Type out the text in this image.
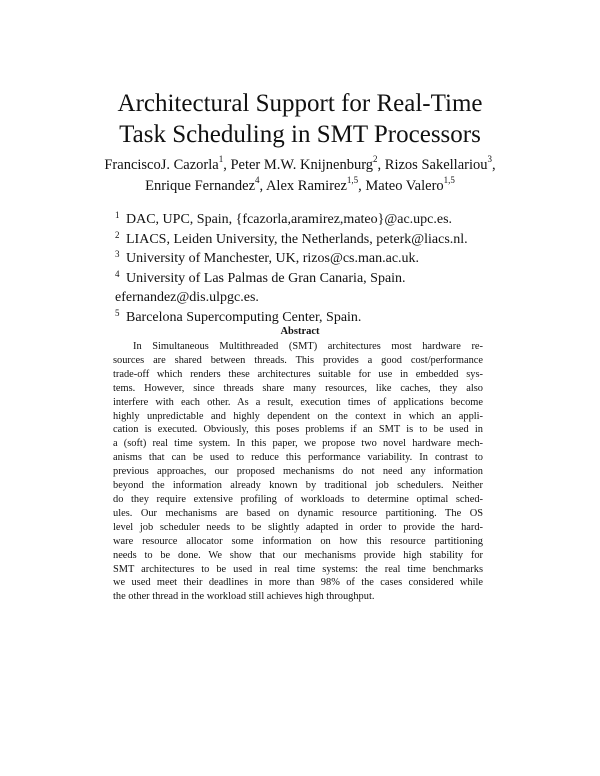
Architectural Support for Real-Time
Task Scheduling in SMT Processors
FranciscoJ. Cazorla$^1$, Peter M.W. Knijnenburg$^2$, Rizos Sakellariou$^3$,
Enrique Fernandez$^4$, Alex Ramirez$^{1,5}$, Mateo Valero$^{1,5}$
1 DAC, UPC, Spain, {fcazorla,aramirez,mateo}@ac.upc.es.
2 LIACS, Leiden University, the Netherlands, peterk@liacs.nl.
3 University of Manchester, UK, rizos@cs.man.ac.uk.
4 University of Las Palmas de Gran Canaria, Spain.
efernandez@dis.ulpgc.es.
5 Barcelona Supercomputing Center, Spain.
Abstract
In Simultaneous Multithreaded (SMT) architectures most hardware re-
sources are shared between threads. This provides a good cost/performance
trade-off which renders these architectures suitable for use in embedded sys-
tems. However, since threads share many resources, like caches, they also
interfere with each other. As a result, execution times of applications become
highly unpredictable and highly dependent on the context in which an appli-
cation is executed. Obviously, this poses problems if an SMT is to be used in
a (soft) real time system. In this paper, we propose two novel hardware mech-
anisms that can be used to reduce this performance variability. In contrast to
previous approaches, our proposed mechanisms do not need any information
beyond the information already known by traditional job schedulers. Neither
do they require extensive profiling of workloads to determine optimal sched-
ules. Our mechanisms are based on dynamic resource partitioning. The OS
level job scheduler needs to be slightly adapted in order to provide the hard-
ware resource allocator some information on how this resource partitioning
needs to be done. We show that our mechanisms provide high stability for
SMT architectures to be used in real time systems: the real time benchmarks
we used meet their deadlines in more than 98% of the cases considered while
the other thread in the workload still achieves high throughput.
